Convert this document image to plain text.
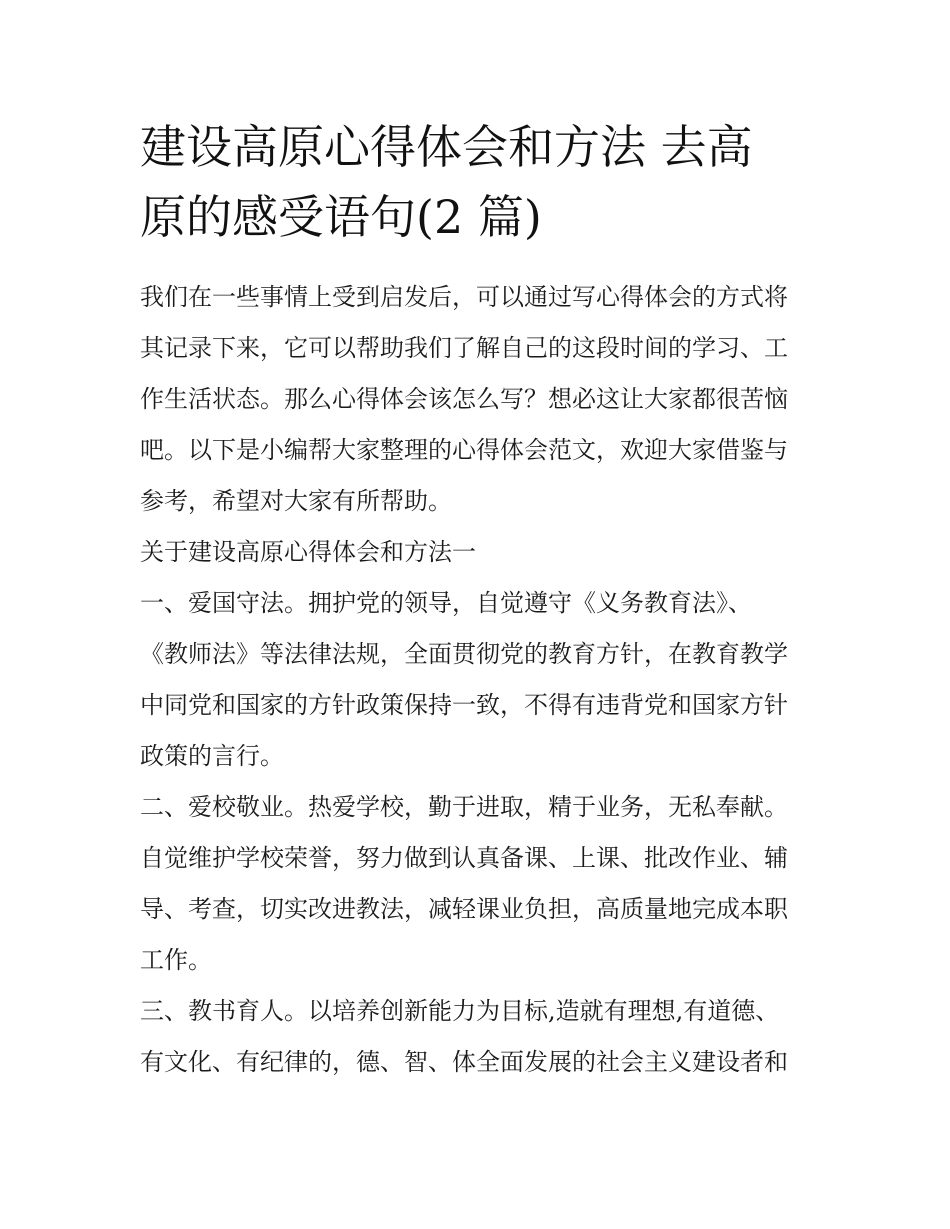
建设高原心得体会和方法 去高
原的感受语句(2 篇)
我们在一些事情上受到启发后，可以通过写心得体会的方式将
其记录下来，它可以帮助我们了解自己的这段时间的学习、工
作生活状态。那么心得体会该怎么写？想必这让大家都很苦恼
吧。以下是小编帮大家整理的心得体会范文，欢迎大家借鉴与
参考，希望对大家有所帮助。
关于建设高原心得体会和方法一
一、爱国守法。拥护党的领导，自觉遵守《义务教育法》、
《教师法》等法律法规，全面贯彻党的教育方针，在教育教学
中同党和国家的方针政策保持一致，不得有违背党和国家方针
政策的言行。
二、爱校敬业。热爱学校，勤于进取，精于业务，无私奉献。
自觉维护学校荣誉，努力做到认真备课、上课、批改作业、辅
导、考查，切实改进教法，减轻课业负担，高质量地完成本职
工作。
三、教书育人。以培养创新能力为目标,造就有理想,有道德、
有文化、有纪律的，德、智、体全面发展的社会主义建设者和
